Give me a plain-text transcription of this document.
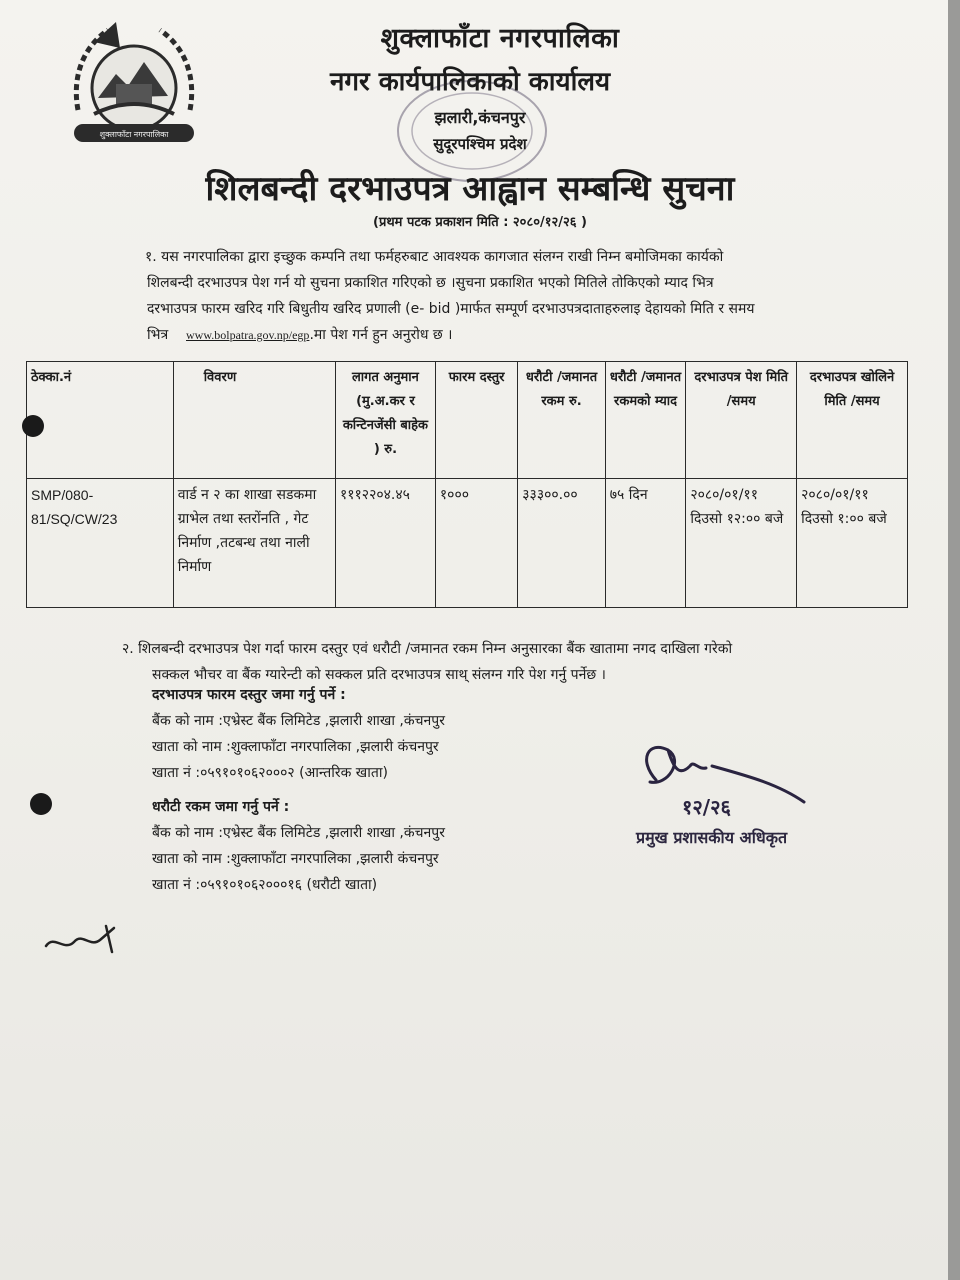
शुक्लाफाँटा नगरपालिका
शुक्लाफाँटा नगरपालिका
नगर कार्यपालिकाको कार्यालय
झलारी,कंचनपुर
सुदूरपश्चिम प्रदेश
शिलबन्दी दरभाउपत्र आह्वान सम्बन्धि सुचना
(प्रथम पटक प्रकाशन मिति : २०८०/१२/२६ )
१. यस नगरपालिका द्वारा इच्छुक कम्पनि तथा फर्महरुबाट आवश्यक कागजात संलग्न राखी निम्न बमोजिमका कार्यको
शिलबन्दी दरभाउपत्र पेश गर्न यो सुचना प्रकाशित गरिएको छ ।सुचना प्रकाशित भएको मितिले तोकिएको म्याद भित्र
दरभाउपत्र फारम खरिद गरि बिधुतीय खरिद प्रणाली (e- bid )मार्फत सम्पूर्ण दरभाउपत्रदाताहरुलाइ देहायको मिति र समय
भित्र www.bolpatra.gov.np/egp.मा पेश गर्न हुन अनुरोध छ ।
ठेक्का.नं	विवरण	लागत अनुमान (मु.अ.कर र कन्टिनजेंसी बाहेक ) रु.	फारम दस्तुर	धरौटी /जमानत रकम रु.	धरौटी /जमानत रकमको म्याद	दरभाउपत्र पेश मिति /समय	दरभाउपत्र खोलिने मिति /समय
SMP/080-81/SQ/CW/23	वार्ड न २ का शाखा सडकमा ग्राभेल तथा स्तरोंनति , गेट निर्माण ,तटबन्ध तथा नाली निर्माण	१११२२०४.४५	१०००	३३३००.००	७५ दिन	२०८०/०१/११ दिउसो १२:०० बजे	२०८०/०१/११ दिउसो १:०० बजे
२. शिलबन्दी दरभाउपत्र पेश गर्दा फारम दस्तुर एवं धरौटी /जमानत रकम निम्न अनुसारका बैंक खातामा नगद दाखिला गरेको
सक्कल भौचर वा बैंक ग्यारेन्टी को सक्कल प्रति दरभाउपत्र साथ् संलग्न गरि पेश गर्नु पर्नेछ ।
दरभाउपत्र फारम दस्तुर जमा गर्नु पर्ने :
बैंक को नाम :एभ्रेस्ट बैंक लिमिटेड ,झलारी शाखा ,कंचनपुर
खाता को नाम :शुक्लाफाँटा नगरपालिका ,झलारी कंचनपुर
खाता नं :०५९१०१०६२०००२ (आन्तरिक खाता)
धरौटी रकम जमा गर्नु पर्ने :
बैंक को नाम :एभ्रेस्ट बैंक लिमिटेड ,झलारी शाखा ,कंचनपुर
खाता को नाम :शुक्लाफाँटा नगरपालिका ,झलारी कंचनपुर
खाता नं :०५९१०१०६२०००१६ (धरौटी खाता)
१२/२६
प्रमुख प्रशासकीय अधिकृत
